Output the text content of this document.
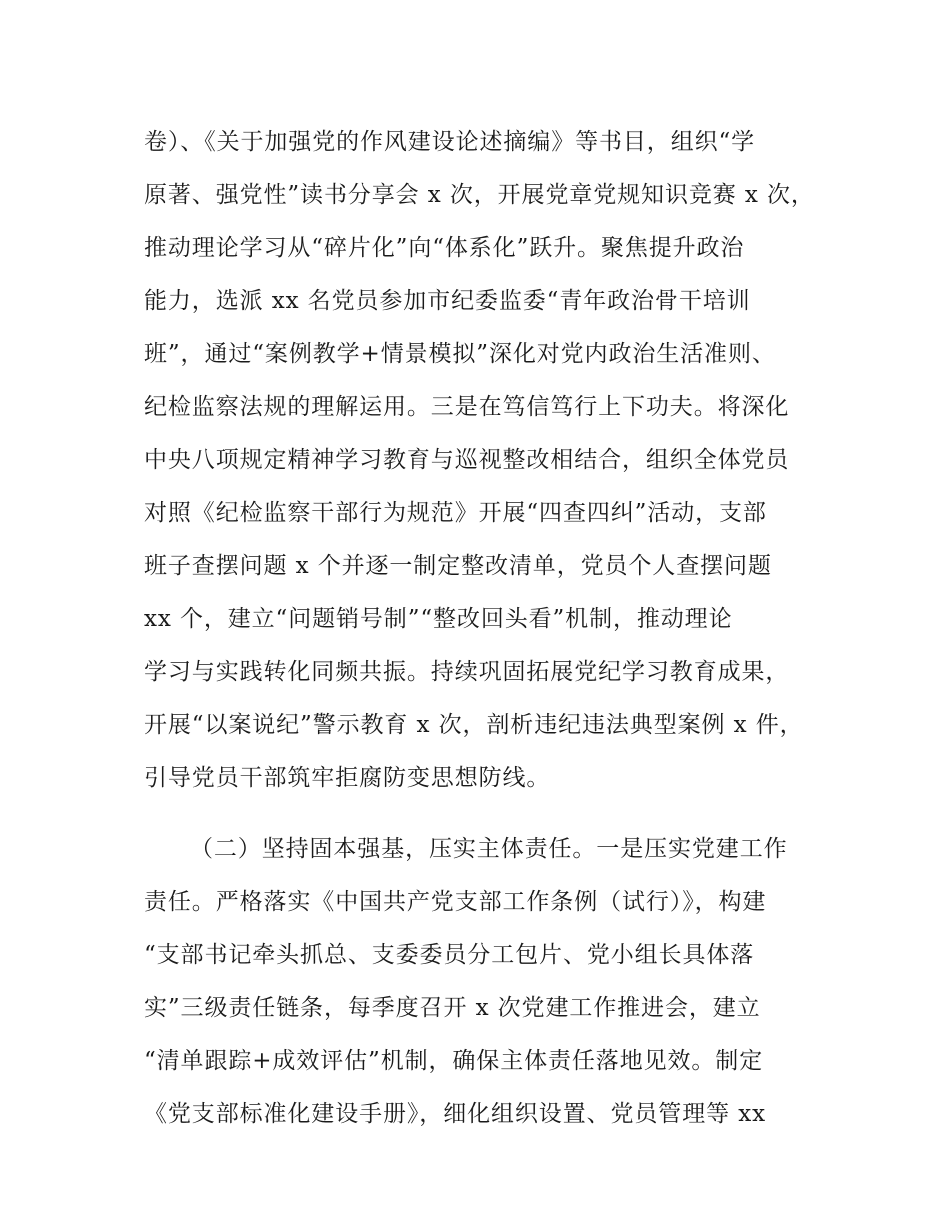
卷）、《关于加强党的作风建设论述摘编》等书目，组织“学

原著、强党性”读书分享会 x 次，开展党章党规知识竞赛 x 次，

推动理论学习从“碎片化”向“体系化”跃升。聚焦提升政治

能力，选派 xx 名党员参加市纪委监委“青年政治骨干培训

班”，通过“案例教学+情景模拟”深化对党内政治生活准则、

纪检监察法规的理解运用。三是在笃信笃行上下功夫。将深化

中央八项规定精神学习教育与巡视整改相结合，组织全体党员

对照《纪检监察干部行为规范》开展“四查四纠”活动，支部

班子查摆问题 x 个并逐一制定整改清单，党员个人查摆问题

xx 个，建立“问题销号制”“整改回头看”机制，推动理论

学习与实践转化同频共振。持续巩固拓展党纪学习教育成果，

开展“以案说纪”警示教育 x 次，剖析违纪违法典型案例 x 件，

引导党员干部筑牢拒腐防变思想防线。

（二）坚持固本强基，压实主体责任。一是压实党建工作

责任。严格落实《中国共产党支部工作条例（试行）》，构建

“支部书记牵头抓总、支委委员分工包片、党小组长具体落

实”三级责任链条，每季度召开 x 次党建工作推进会，建立

“清单跟踪+成效评估”机制，确保主体责任落地见效。制定

《党支部标准化建设手册》，细化组织设置、党员管理等 xx
